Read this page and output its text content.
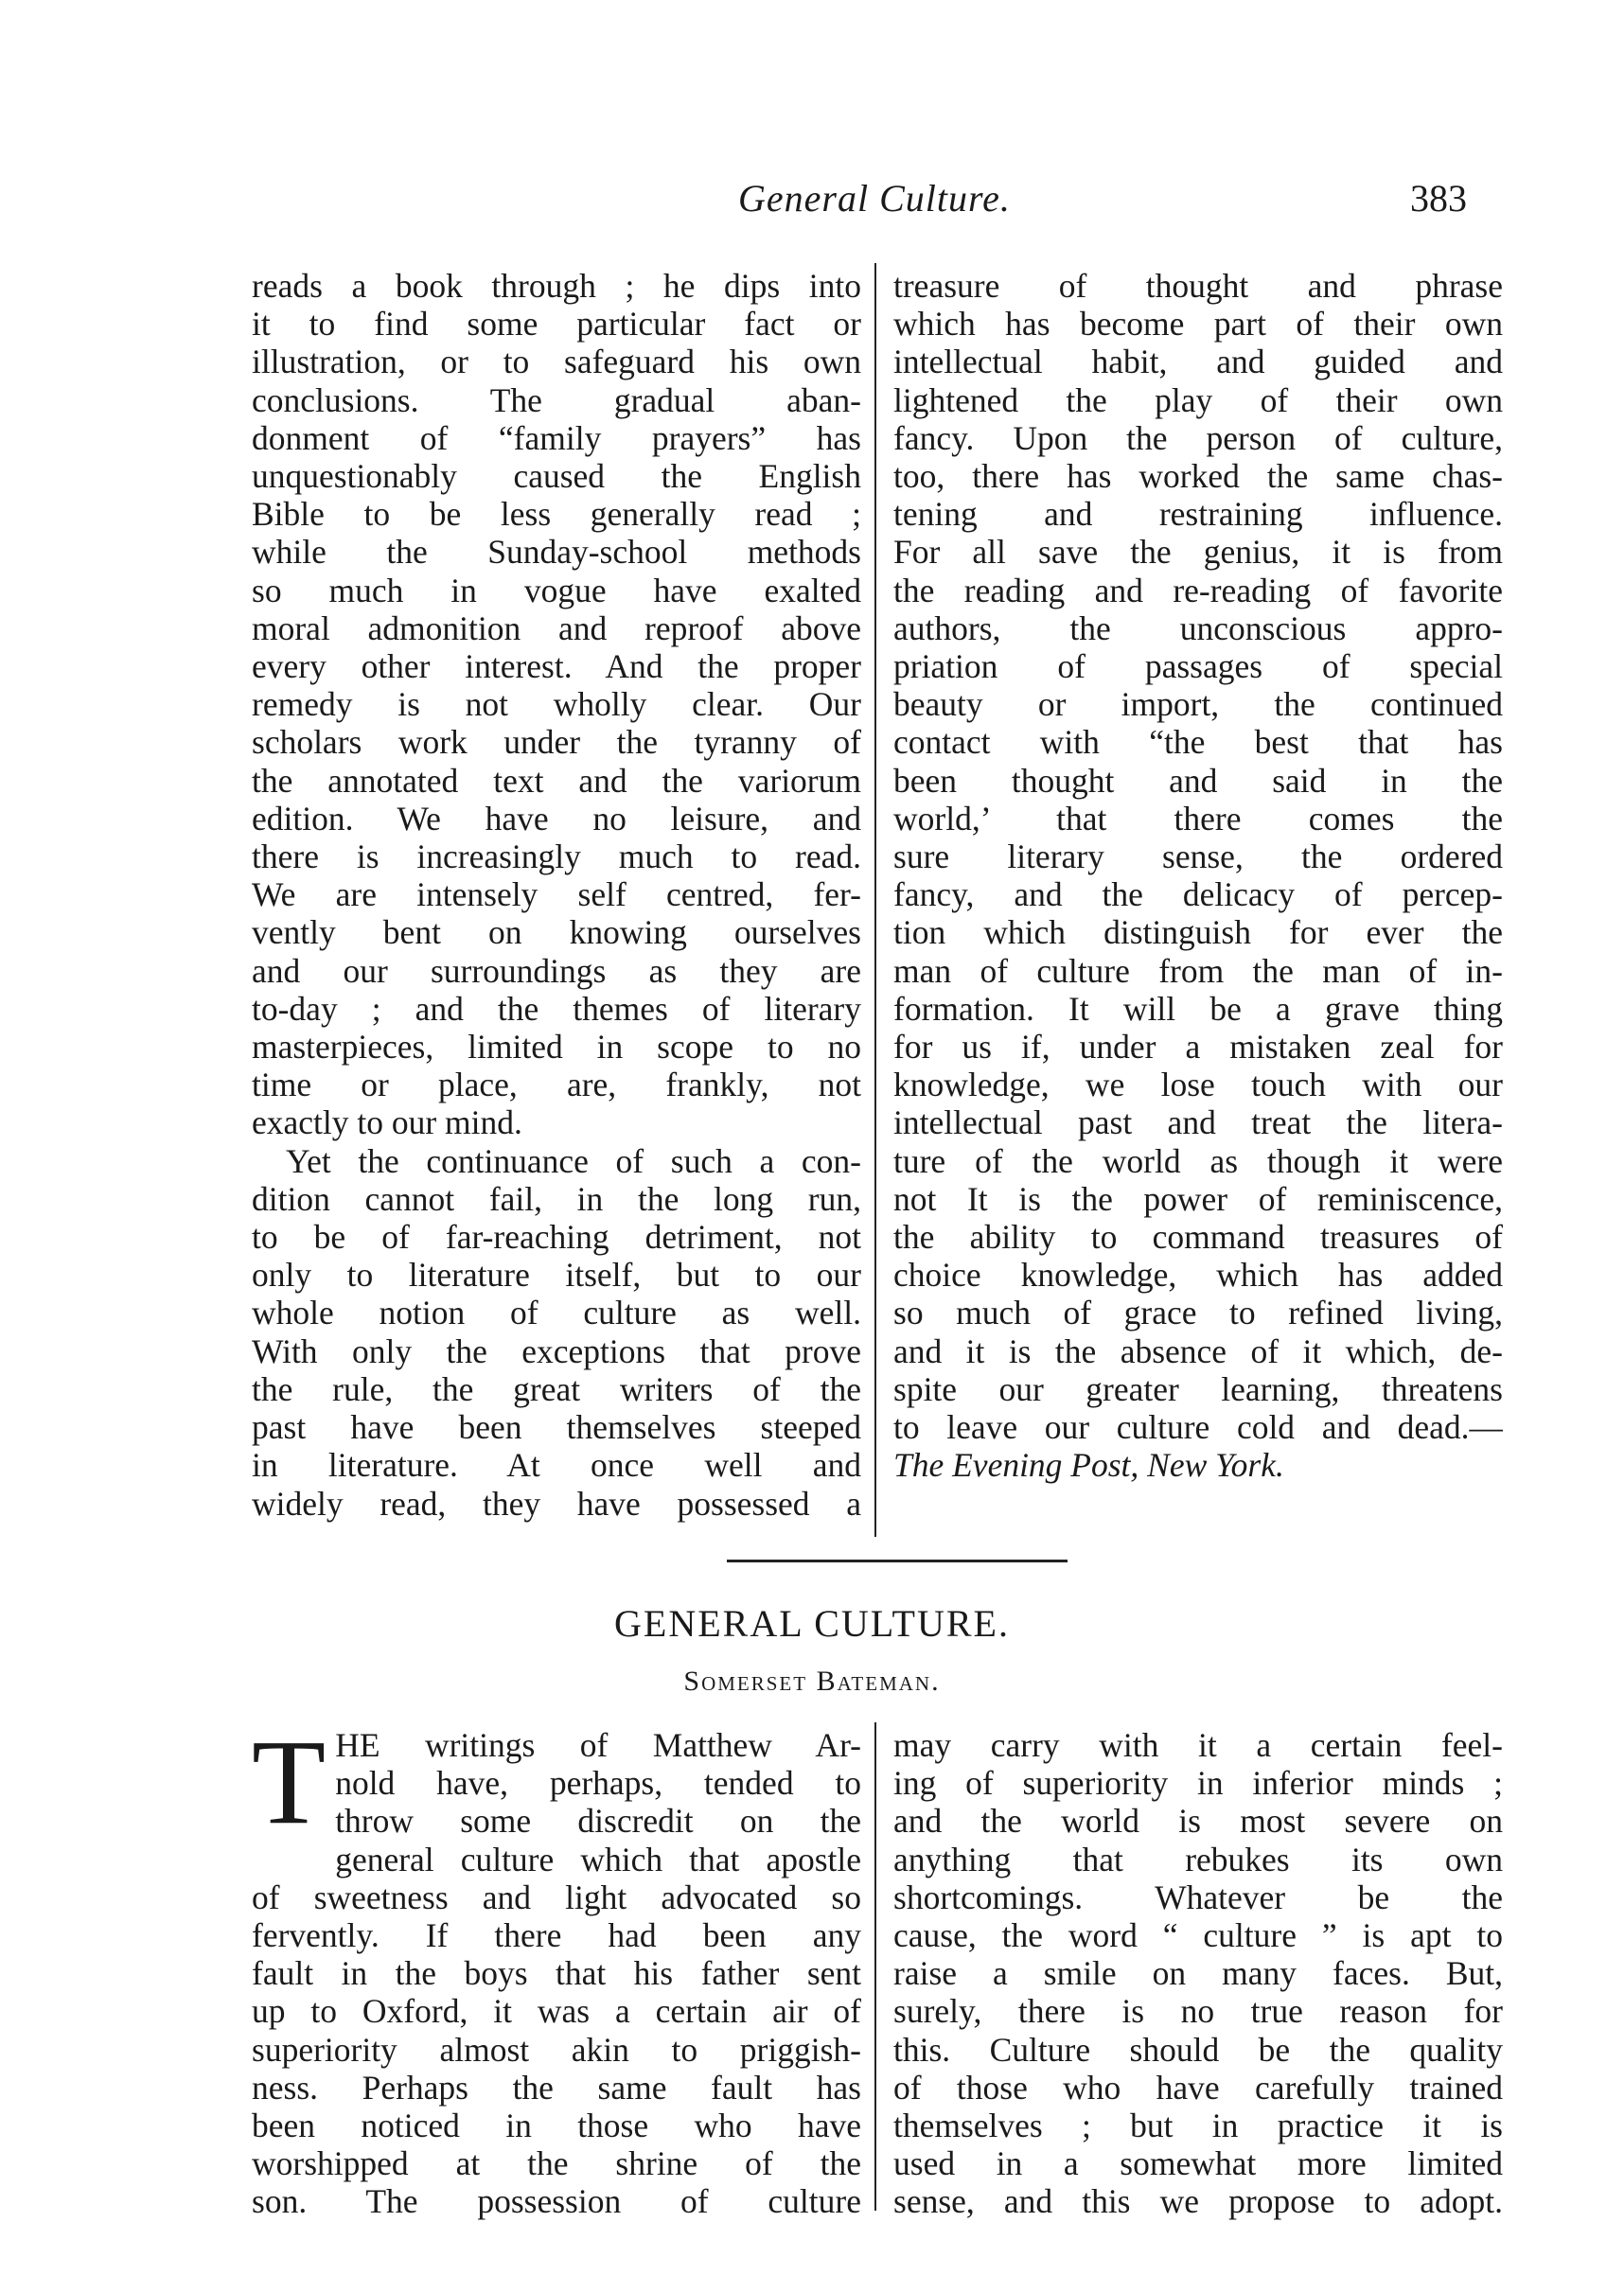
General Culture.	383
reads a book through ; he dips into
it to find some particular fact or
illustration, or to safeguard his own
conclusions. The gradual aban-
donment of “family prayers” has
unquestionably caused the English
Bible to be less generally read ;
while the Sunday-school methods
so much in vogue have exalted
moral admonition and reproof above
every other interest. And the proper
remedy is not wholly clear. Our
scholars work under the tyranny of
the annotated text and the variorum
edition. We have no leisure, and
there is increasingly much to read.
We are intensely self centred, fer-
vently bent on knowing ourselves
and our surroundings as they are
to-day ; and the themes of literary
masterpieces, limited in scope to no
time or place, are, frankly, not
exactly to our mind.
Yet the continuance of such a con-
dition cannot fail, in the long run,
to be of far-reaching detriment, not
only to literature itself, but to our
whole notion of culture as well.
With only the exceptions that prove
the rule, the great writers of the
past have been themselves steeped
in literature. At once well and
widely read, they have possessed a
treasure of thought and phrase
which has become part of their own
intellectual habit, and guided and
lightened the play of their own
fancy. Upon the person of culture,
too, there has worked the same chas-
tening and restraining influence.
For all save the genius, it is from
the reading and re-reading of favorite
authors, the unconscious appro-
priation of passages of special
beauty or import, the continued
contact with “the best that has
been thought and said in the
world,’ that there comes the
sure literary sense, the ordered
fancy, and the delicacy of percep-
tion which distinguish for ever the
man of culture from the man of in-
formation. It will be a grave thing
for us if, under a mistaken zeal for
knowledge, we lose touch with our
intellectual past and treat the litera-
ture of the world as though it were
not It is the power of reminiscence,
the ability to command treasures of
choice knowledge, which has added
so much of grace to refined living,
and it is the absence of it which, de-
spite our greater learning, threatens
to leave our culture cold and dead.—
The Evening Post, New York.
GENERAL CULTURE.
Somerset Bateman.
T HE writings of Matthew Ar-
nold have, perhaps, tended to
throw some discredit on the
general culture which that apostle
of sweetness and light advocated so
fervently. If there had been any
fault in the boys that his father sent
up to Oxford, it was a certain air of
superiority almost akin to priggish-
ness. Perhaps the same fault has
been noticed in those who have
worshipped at the shrine of the
son. The possession of culture
may carry with it a certain feel-
ing of superiority in inferior minds ;
and the world is most severe on
anything that rebukes its own
shortcomings. Whatever be the
cause, the word “ culture ” is apt to
raise a smile on many faces. But,
surely, there is no true reason for
this. Culture should be the quality
of those who have carefully trained
themselves ; but in practice it is
used in a somewhat more limited
sense, and this we propose to adopt.
